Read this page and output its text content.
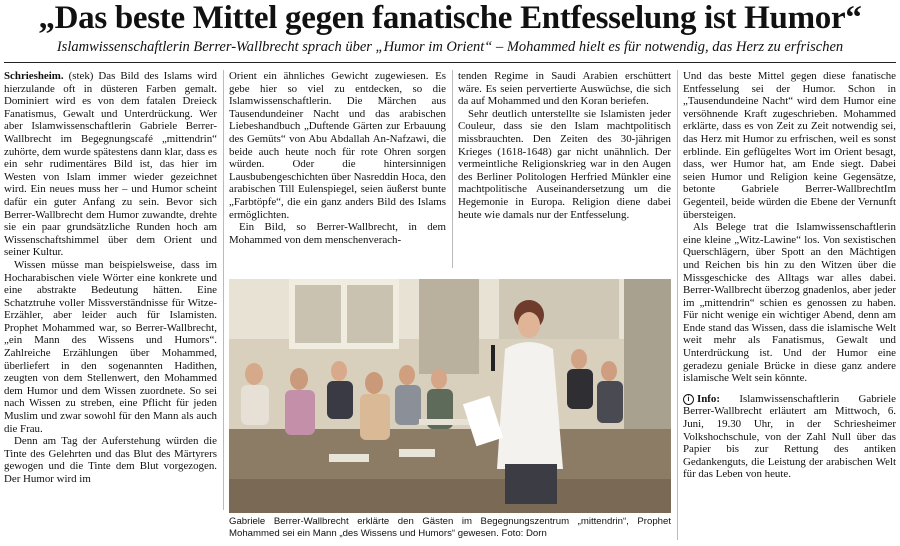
„Das beste Mittel gegen fanatische Entfesselung ist Humor“
Islamwissenschaftlerin Berrer-Wallbrecht sprach über „Humor im Orient“ – Mohammed hielt es für notwendig, das Herz zu erfrischen

Schriesheim. (stek) Das Bild des Islams wird hierzulande oft in düsteren Farben gemalt. Dominiert wird es von dem fatalen Dreieck Fanatismus, Gewalt und Unterdrückung. Wer aber Islamwissenschaftlerin Gabriele Berrer-Wallbrecht im Begegnungscafé „mittendrin“ zuhörte, dem wurde spätestens dann klar, dass es ein sehr rudimentäres Bild ist, das hier im Westen von Islam immer wieder gezeichnet wird. Ein neues muss her – und Humor scheint dafür ein guter Anfang zu sein. Bevor sich Berrer-Wallbrecht dem Humor zuwandte, drehte sie ein paar grundsätzliche Runden hoch am Wissenschaftshimmel über dem Orient und seiner Kultur.

Wissen müsse man beispielsweise, dass im Hocharabischen viele Wörter eine konkrete und eine abstrakte Bedeutung hätten. Eine Schatztruhe voller Missverständnisse für Witze-Erzähler, aber leider auch für Islamisten. Prophet Mohammed war, so Berrer-Wallbrecht, „ein Mann des Wissens und Humors“. Zahlreiche Erzählungen über Mohammed, überliefert in den sogenannten Hadithen, zeugten von dem Stellenwert, den Mohammed dem Humor und dem Wissen zuordnete. So sei nach Wissen zu streben, eine Pflicht für jeden Muslim und zwar sowohl für den Mann als auch die Frau.

Denn am Tag der Auferstehung würden die Tinte des Gelehrten und das Blut des Märtyrers gewogen und die Tinte dem Blut vorgezogen. Der Humor wird im

Orient ein ähnliches Gewicht zugewiesen. Es gebe hier so viel zu entdecken, so die Islamwissenschaftlerin. Die Märchen aus Tausendundeiner Nacht und das arabischen Liebeshandbuch „Duftende Gärten zur Erbauung des Gemüts“ von Abu Abdallah An-Nafzawi, die beide auch heute noch für rote Ohren sorgen würden. Oder die hintersinnigen Lausbubengeschichten über Nasreddin Hoca, den arabischen Till Eulenspiegel, seien äußerst bunte „Farbtöpfe“, die ein ganz anders Bild des Islams ermöglichten.

Ein Bild, so Berrer-Wallbrecht, in dem Mohammed von dem menschenverach-

tenden Regime in Saudi Arabien erschüttert wäre. Es seien pervertierte Auswüchse, die sich da auf Mohammed und den Koran beriefen.

Sehr deutlich unterstellte sie Islamisten jeder Couleur, dass sie den Islam machtpolitisch missbrauchten. Den Zeiten des 30-jährigen Krieges (1618-1648) gar nicht unähnlich. Der vermeintliche Religionskrieg war in den Augen des Berliner Politologen Herfried Münkler eine machtpolitische Auseinandersetzung um die Hegemonie in Europa. Religion diene dabei heute wie damals nur der Entfesselung.

Gabriele Berrer-Wallbrecht erklärte den Gästen im Begegnungszentrum „mittendrin“, Prophet Mohammed sei ein Mann „des Wissens und Humors“ gewesen. Foto: Dorn

Und das beste Mittel gegen diese fanatische Entfesselung sei der Humor. Schon in „Tausendundeine Nacht“ wird dem Humor eine versöhnende Kraft zugeschrieben. Mohammed erklärte, dass es von Zeit zu Zeit notwendig sei, das Herz mit Humor zu erfrischen, weil es sonst erblinde. Ein geflügeltes Wort im Orient besagt, dass, wer Humor hat, am Ende siegt. Dabei seien Humor und Religion keine Gegensätze, betonte Gabriele Berrer-WallbrechtIm Gegenteil, beide würden die Ebene der Vernunft übersteigen.

Als Belege trat die Islamwissenschaftlerin eine kleine „Witz-Lawine“ los. Von sexistischen Querschlägern, über Spott an den Mächtigen und Reichen bis hin zu den Witzen über die Missgeschicke des Alltags war alles dabei. Berrer-Wallbrecht überzog gnadenlos, aber jeder im „mittendrin“ schien es genossen zu haben. Für nicht wenige ein wichtiger Abend, denn am Ende stand das Wissen, dass die islamische Welt weit mehr als Fanatismus, Gewalt und Unterdrückung ist. Und der Humor eine geradezu geniale Brücke in diese ganz andere islamische Welt sein könnte.

i Info: Islamwissenschaftlerin Gabriele Berrer-Wallbrecht erläutert am Mittwoch, 6. Juni, 19.30 Uhr, in der Schriesheimer Volkshochschule, von der Zahl Null über das Papier bis zur Rettung des antiken Gedankenguts, die Leistung der arabischen Welt für das Leben von heute.
